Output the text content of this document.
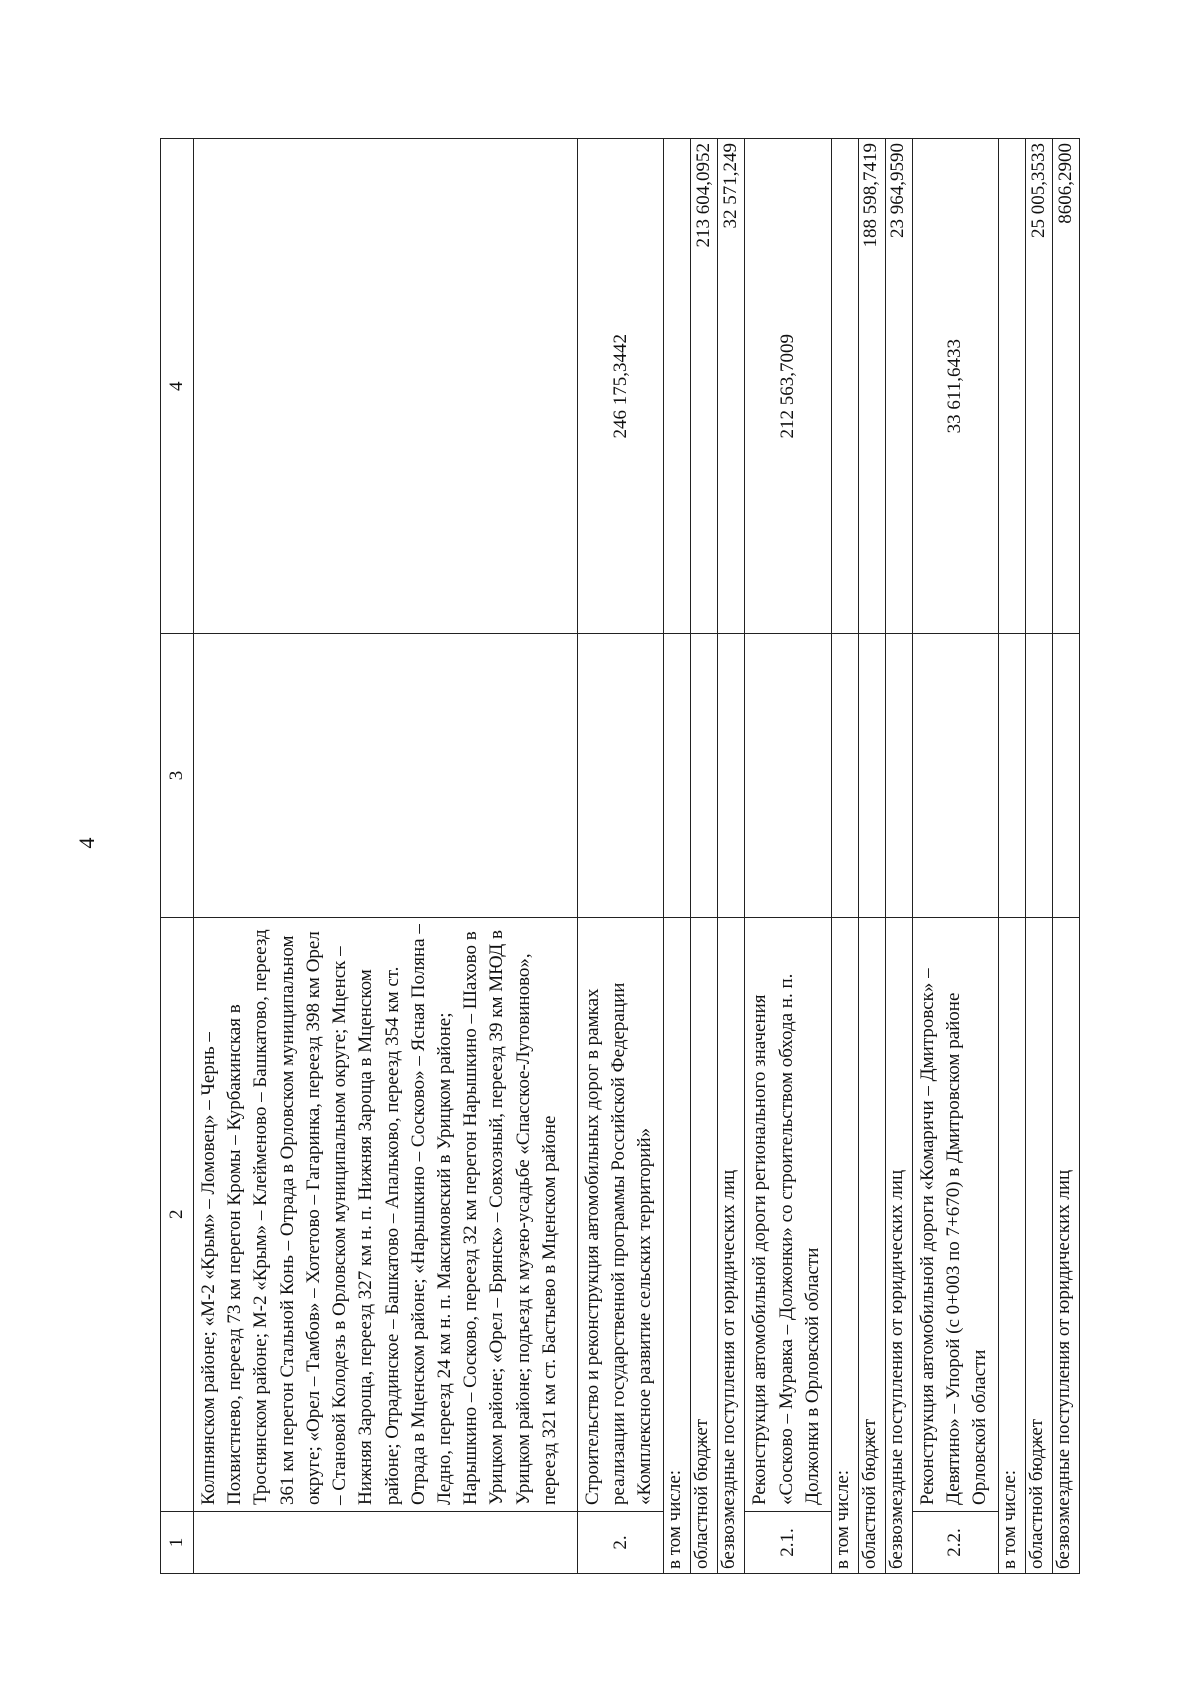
4
1	2	3	4
	Колпнянском районе; «М-2 «Крым» – Ломовец» – Чернь – Похвистнево, переезд 73 км перегон Кромы – Курбакинская в Троснянском районе; М-2 «Крым» – Клейменово – Башкатово, переезд 361 км перегон Стальной Конь – Отрада в Орловском муниципальном округе; «Орел – Тамбов» – Хотетово – Гагаринка, переезд 398 км Орел – Становой Колодезь в Орловском муниципальном округе; Мценск – Нижняя Зароща, переезд 327 км н. п. Нижняя Зароща в Мценском районе; Отрадинское – Башкатово – Апальково, переезд 354 км ст. Отрада в Мценском районе; «Нарышкино – Сосково» – Ясная Поляна – Ледно, переезд 24 км н. п. Максимовский в Урицком районе; Нарышкино – Сосково, переезд 32 км перегон Нарышкино – Шахово в Урицком районе; «Орел – Брянск» – Совхозный, переезд 39 км МЮД в Урицком районе; подъезд к музею-усадьбе «Спасское-Лутовиново», переезд 321 км ст. Бастыево в Мценском районе		
2.	Строительство и реконструкция автомобильных дорог в рамках реализации государственной программы Российской Федерации «Комплексное развитие сельских территорий»		246 175,3442
в том числе:			
областной бюджет			213 604,0952
безвозмездные поступления от юридических лиц			32 571,249
2.1.	Реконструкция автомобильной дороги регионального значения «Сосково – Муравка – Должонки» со строительством обхода н. п. Должонки в Орловской области		212 563,7009
в том числе:			
областной бюджет			188 598,7419
безвозмездные поступления от юридических лиц			23 964,9590
2.2.	Реконструкция автомобильной дороги «Комаричи – Дмитровск» – Девятино» – Упорой (с 0+003 по 7+670) в Дмитровском районе Орловской области		33 611,6433
в том числе:			
областной бюджет			25 005,3533
безвозмездные поступления от юридических лиц			8606,2900
